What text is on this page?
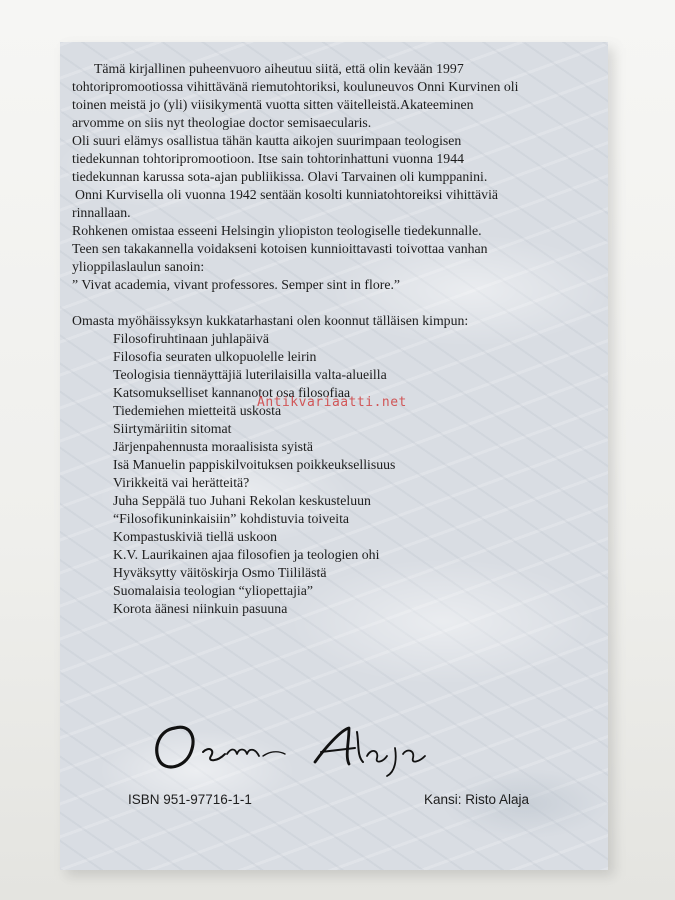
Tämä kirjallinen puheenvuoro aiheutuu siitä, että olin kevään 1997 tohtoripromootiossa vihittävänä riemutohtoriksi, kouluneuvos Onni Kurvinen oli toinen meistä jo (yli) viisikymentä vuotta sitten väitelleistä.Akateeminen arvomme on siis nyt theologiae doctor semisaecularis.

Oli suuri elämys osallistua tähän kautta aikojen suurimpaan teologisen tiedekunnan tohtoripromootioon. Itse sain tohtorinhattuni vuonna 1944 tiedekunnan karussa sota-ajan publiikissa. Olavi Tarvainen oli kumppanini.

Onni Kurvisella oli vuonna 1942 sentään kosolti kunniatohtoreiksi vihittäviä rinnallaan.

Rohkenen omistaa esseeni Helsingin yliopiston teologiselle tiedekunnalle.

Teen sen takakannella voidakseni kotoisen kunnioittavasti toivottaa vanhan ylioppilaslaulun sanoin:

” Vivat academia, vivant professores. Semper sint in flore.”

Omasta myöhäissyksyn kukkatarhastani olen koonnut tälläisen kimpun:

Filosofiruhtinaan juhlapäivä
Filosofia seuraten ulkopuolelle leirin
Teologisia tiennäyttäjiä luterilaisilla valta-alueilla
Katsomukselliset kannanotot osa filosofiaa
Tiedemiehen mietteitä uskosta
Siirtymäriitin sitomat
Järjenpahennusta moraalisista syistä
Isä Manuelin pappiskilvoituksen poikkeuksellisuus
Virikkeitä vai herätteitä?
Juha Seppälä tuo Juhani Rekolan keskusteluun
“Filosofikuninkaisiin” kohdistuvia toiveita
Kompastuskiviä tiellä uskoon
K.V. Laurikainen ajaa filosofien ja teologien ohi
Hyväksytty väitöskirja Osmo Tiililästä
Suomalaisia teologian “yliopettajia”
Korota äänesi niinkuin pasuuna
Antikvariaatti.net
ISBN 951-97716-1-1	Kansi: Risto Alaja
